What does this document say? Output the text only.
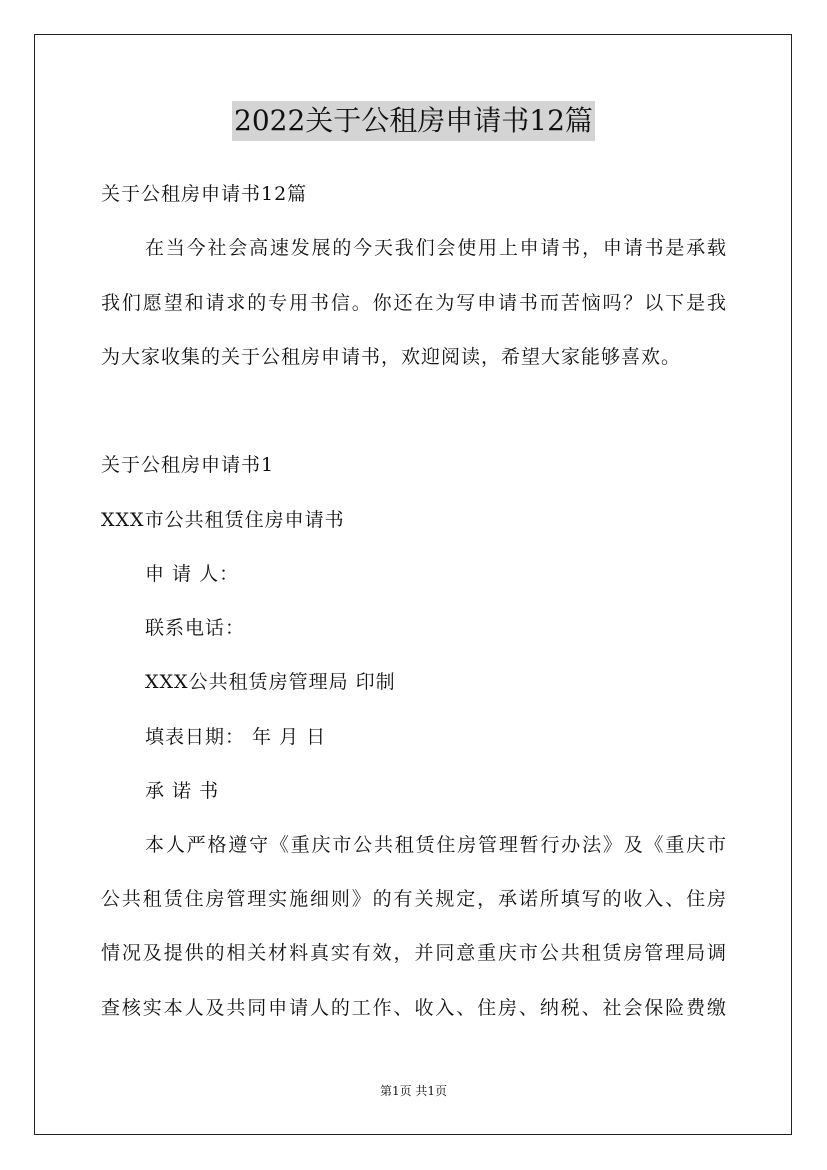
2022关于公租房申请书12篇
关于公租房申请书12篇
在当今社会高速发展的今天我们会使用上申请书，申请书是承载
我们愿望和请求的专用书信。你还在为写申请书而苦恼吗？以下是我
为大家收集的关于公租房申请书，欢迎阅读，希望大家能够喜欢。
关于公租房申请书1
XXX市公共租赁住房申请书
申 请 人：
联系电话：
XXX公共租赁房管理局 印制
填表日期： 年 月 日
承 诺 书
本人严格遵守《重庆市公共租赁住房管理暂行办法》及《重庆市
公共租赁住房管理实施细则》的有关规定，承诺所填写的收入、住房
情况及提供的相关材料真实有效，并同意重庆市公共租赁房管理局调
查核实本人及共同申请人的工作、收入、住房、纳税、社会保险费缴
第1页 共1页
